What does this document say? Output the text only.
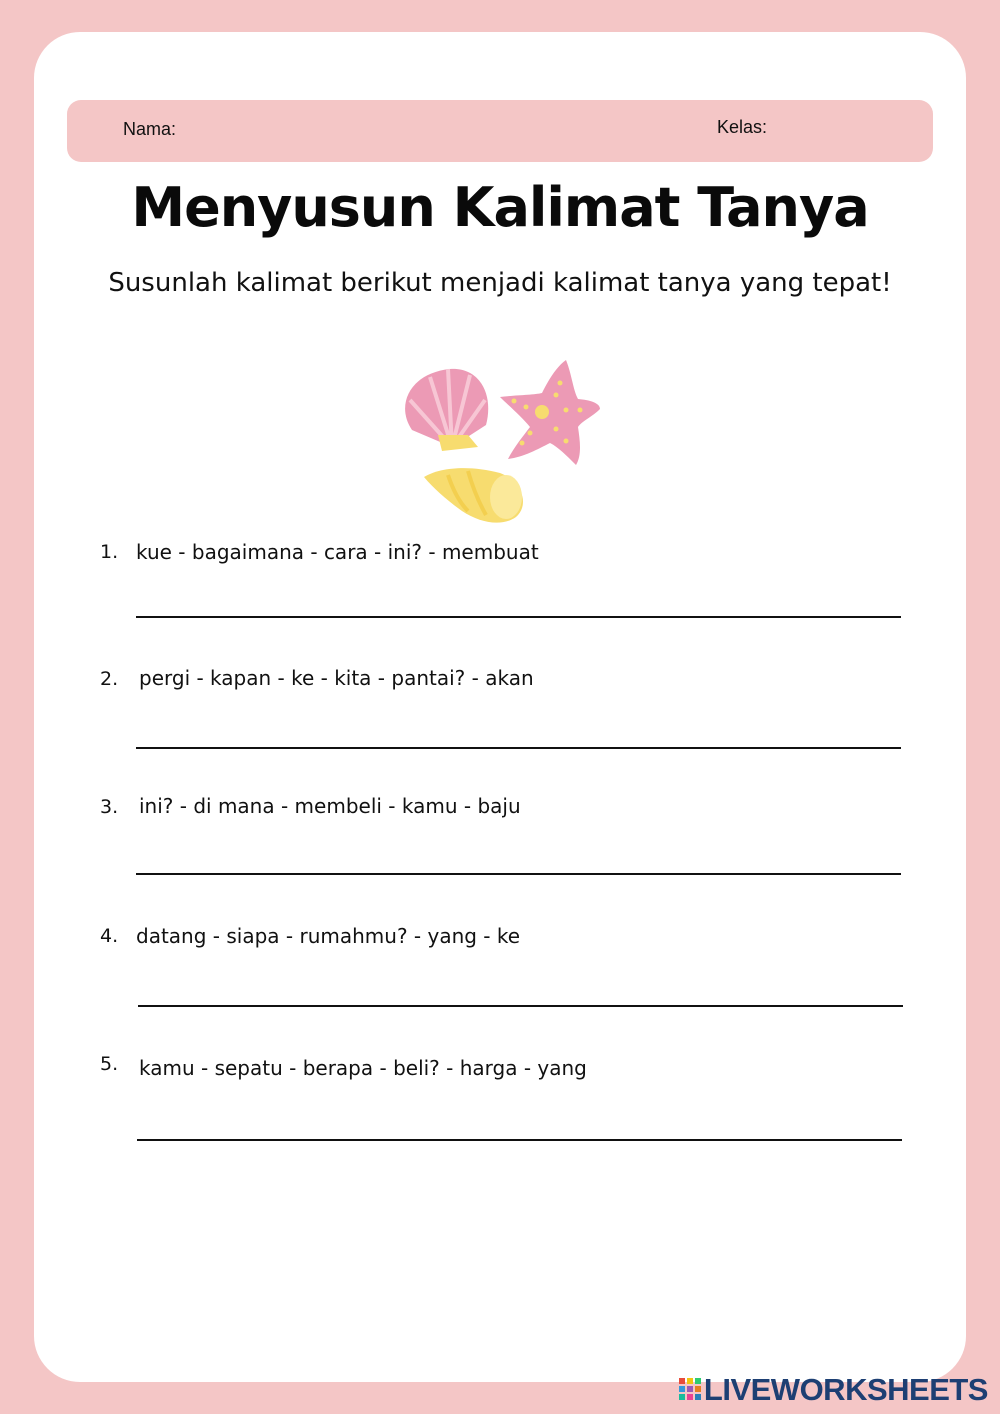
Nama:	Kelas:
Menyusun Kalimat Tanya
Susunlah kalimat berikut menjadi kalimat tanya yang tepat!
1. kue - bagaimana - cara - ini? - membuat
2. pergi - kapan - ke - kita - pantai? - akan
3. ini? - di mana - membeli - kamu - baju
4. datang - siapa - rumahmu? - yang - ke
5. kamu - sepatu - berapa - beli? - harga - yang
LIVEWORKSHEETS
